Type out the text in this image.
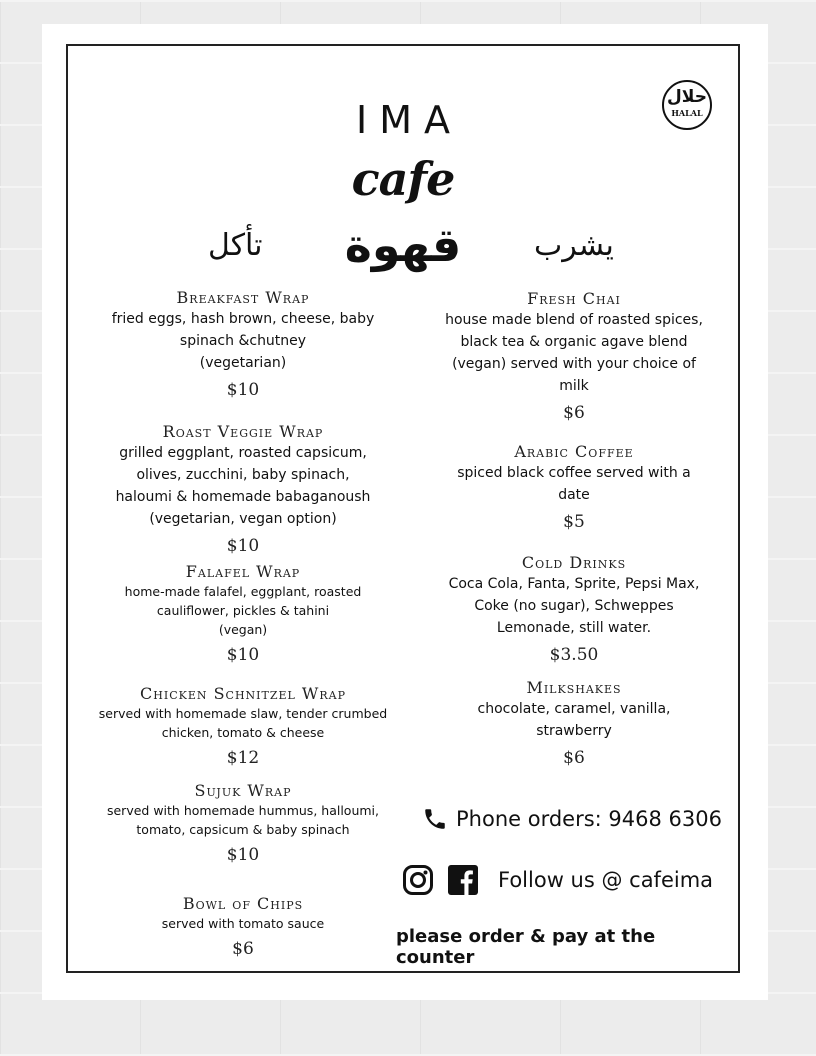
IMA
cafe
قهوة
حلال
HALAL
تأكل	يشرب
Breakfast Wrap
fried eggs, hash brown, cheese, baby
spinach &chutney
(vegetarian)
$10
Roast Veggie Wrap
grilled eggplant, roasted capsicum,
olives, zucchini, baby spinach,
haloumi & homemade babaganoush
(vegetarian, vegan option)
$10
Falafel Wrap
home-made falafel, eggplant, roasted
cauliflower, pickles & tahini
(vegan)
$10
Chicken Schnitzel Wrap
served with homemade slaw, tender crumbed
chicken, tomato & cheese
$12
Sujuk Wrap
served with homemade hummus, halloumi,
tomato, capsicum & baby spinach
$10
Bowl of Chips
served with tomato sauce
$6
Fresh Chai
house made blend of roasted spices,
black tea & organic agave blend
(vegan) served with your choice of
milk
$6
Arabic Coffee
spiced black coffee served with a
date
$5
Cold Drinks
Coca Cola, Fanta, Sprite, Pepsi Max,
Coke (no sugar), Schweppes
Lemonade, still water.
$3.50
Milkshakes
chocolate, caramel, vanilla,
strawberry
$6
Phone orders: 9468 6306
Follow us @ cafeima
please order & pay at the counter
